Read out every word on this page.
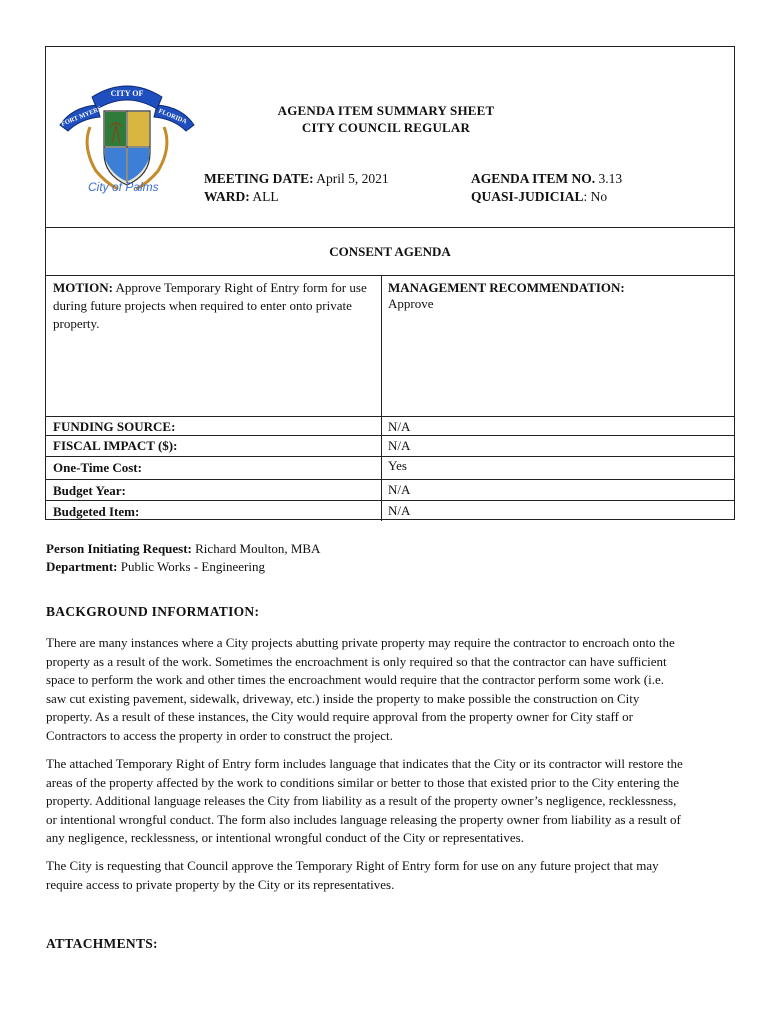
CITY OF
FORT MYERS	FLORIDA
City of Palms
AGENDA ITEM SUMMARY SHEET
CITY COUNCIL REGULAR
MEETING DATE: April 5, 2021
WARD: ALL
AGENDA ITEM NO. 3.13
QUASI-JUDICIAL: No
CONSENT AGENDA
MOTION: Approve Temporary Right of Entry form for use during future projects when required to enter onto private property.
MANAGEMENT RECOMMENDATION:
Approve
FUNDING SOURCE:	N/A
FISCAL IMPACT ($):	N/A
One-Time Cost:	Yes
Budget Year:	N/A
Budgeted Item:	N/A
Person Initiating Request: Richard Moulton, MBA
Department: Public Works - Engineering
BACKGROUND INFORMATION:
There are many instances where a City projects abutting private property may require the contractor to encroach onto the
property as a result of the work. Sometimes the encroachment is only required so that the contractor can have sufficient
space to perform the work and other times the encroachment would require that the contractor perform some work (i.e.
saw cut existing pavement, sidewalk, driveway, etc.) inside the property to make possible the construction on City
property. As a result of these instances, the City would require approval from the property owner for City staff or
Contractors to access the property in order to construct the project.
The attached Temporary Right of Entry form includes language that indicates that the City or its contractor will restore the
areas of the property affected by the work to conditions similar or better to those that existed prior to the City entering the
property. Additional language releases the City from liability as a result of the property owner’s negligence, recklessness,
or intentional wrongful conduct. The form also includes language releasing the property owner from liability as a result of
any negligence, recklessness, or intentional wrongful conduct of the City or representatives.
The City is requesting that Council approve the Temporary Right of Entry form for use on any future project that may
require access to private property by the City or its representatives.
ATTACHMENTS:
